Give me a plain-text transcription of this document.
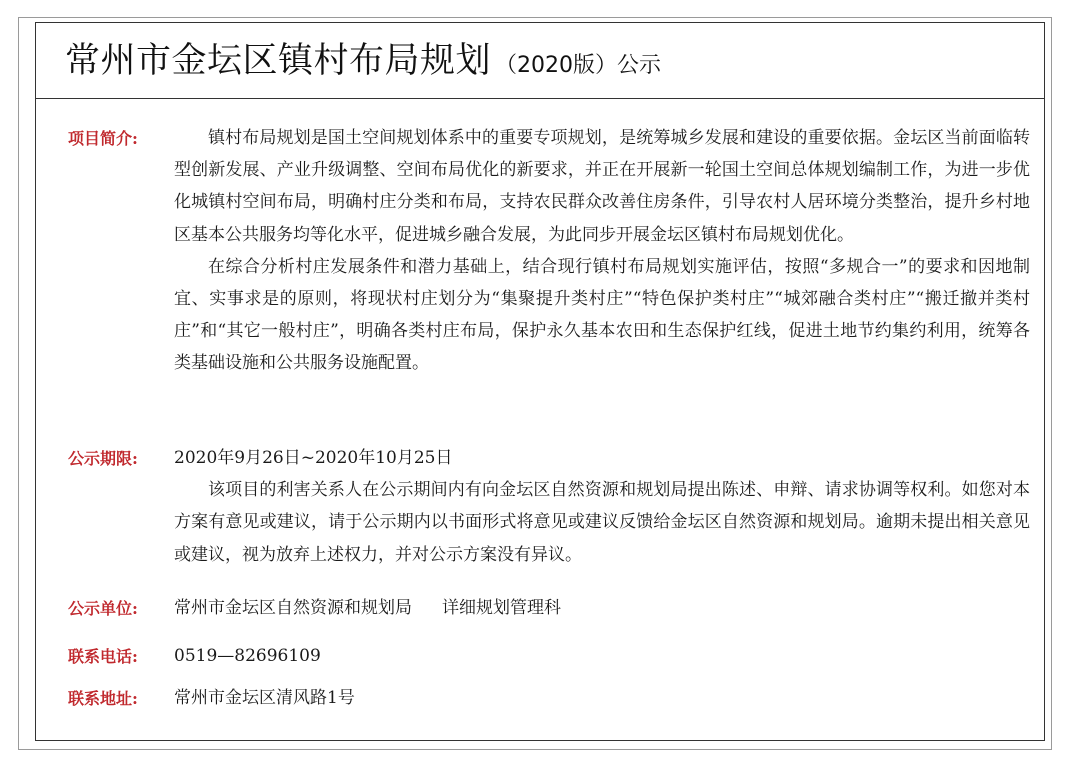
常州市金坛区镇村布局规划 （2020版）公示
项目简介:	镇村布局规划是国土空间规划体系中的重要专项规划，是统筹城乡发展和建设的重要依据。金坛区当前面临转型创新发展、产业升级调整、空间布局优化的新要求，并正在开展新一轮国土空间总体规划编制工作，为进一步优化城镇村空间布局，明确村庄分类和布局，支持农民群众改善住房条件，引导农村人居环境分类整治，提升乡村地区基本公共服务均等化水平，促进城乡融合发展，为此同步开展金坛区镇村布局规划优化。

在综合分析村庄发展条件和潜力基础上，结合现行镇村布局规划实施评估，按照“多规合一”的要求和因地制宜、实事求是的原则，将现状村庄划分为“集聚提升类村庄”“特色保护类村庄”“城郊融合类村庄”“搬迁撤并类村庄”和“其它一般村庄”，明确各类村庄布局，保护永久基本农田和生态保护红线，促进土地节约集约利用，统筹各类基础设施和公共服务设施配置。

公示期限: 2020年9月26日~2020年10月25日

该项目的利害关系人在公示期间内有向金坛区自然资源和规划局提出陈述、申辩、请求协调等权利。如您对本方案有意见或建议，请于公示期内以书面形式将意见或建议反馈给金坛区自然资源和规划局。逾期未提出相关意见或建议，视为放弃上述权力，并对公示方案没有异议。

公示单位: 常州市金坛区自然资源和规划局 详细规划管理科

联系电话: 0519—82696109

联系地址: 常州市金坛区清风路1号
